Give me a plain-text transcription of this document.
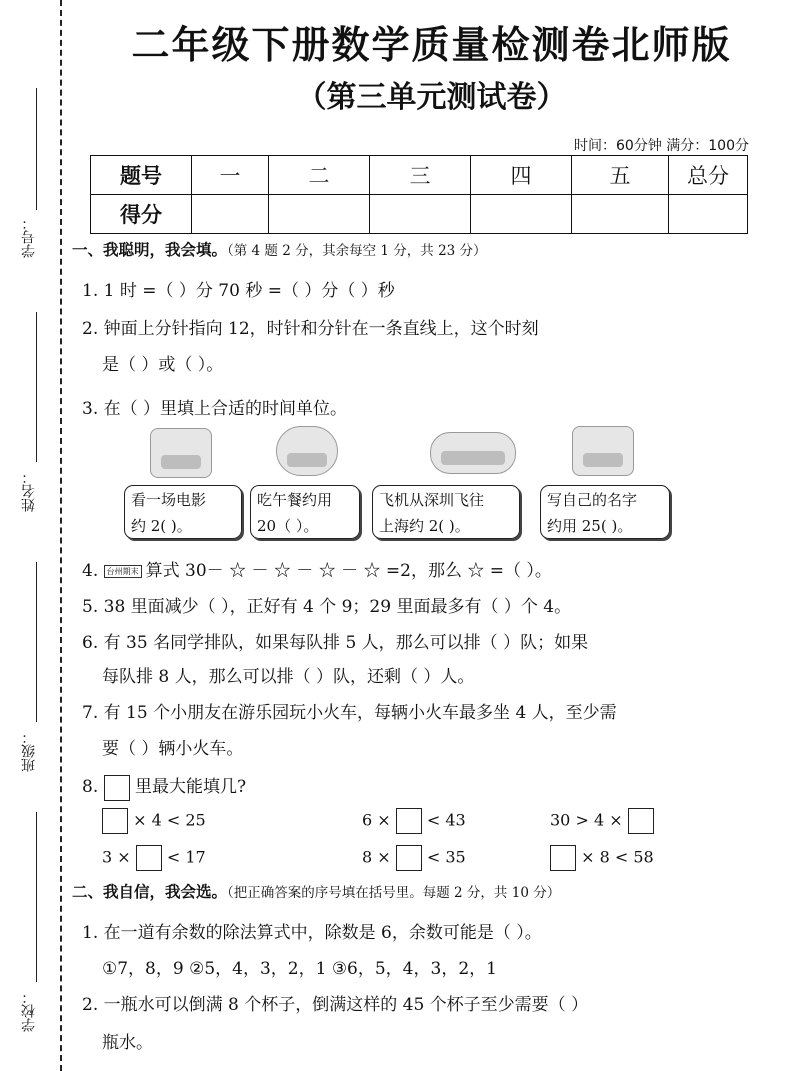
学号：
姓名：
班级：
学校：
二年级下册数学质量检测卷北师版
（第三单元测试卷）
时间：60分钟 满分：100分
题号	一	二	三	四	五	总分
得分						
一、我聪明，我会填。（第 4 题 2 分，其余每空 1 分，共 23 分）
1. 1 时 =（ ）分 70 秒 =（ ）分（ ）秒
2. 钟面上分针指向 12，时针和分针在一条直线上，这个时刻
是（ ）或（ ）。
3. 在（ ）里填上合适的时间单位。
看一场电影
约 2( )。
吃午餐约用
20（ ）。
飞机从深圳飞往
上海约 2( )。
写自己的名字
约用 25( )。
4. 台州期末 算式 30－ ☆ － ☆ － ☆ － ☆ =2，那么 ☆ =（ ）。
5. 38 里面减少（ ），正好有 4 个 9；29 里面最多有（ ）个 4。
6. 有 35 名同学排队，如果每队排 5 人，那么可以排（ ）队；如果
每队排 8 人，那么可以排（ ）队，还剩（ ）人。
7. 有 15 个小朋友在游乐园玩小火车，每辆小火车最多坐 4 人，至少需
要（ ）辆小火车。
8. 里最大能填几?
× 4 < 25	6 × < 43	30 > 4 ×
3 × < 17	8 × < 35	× 8 < 58
二、我自信，我会选。（把正确答案的序号填在括号里。每题 2 分，共 10 分）
1. 在一道有余数的除法算式中，除数是 6，余数可能是（ ）。
①7，8，9 ②5，4，3，2，1 ③6，5，4，3，2，1
2. 一瓶水可以倒满 8 个杯子，倒满这样的 45 个杯子至少需要（ ）
瓶水。
